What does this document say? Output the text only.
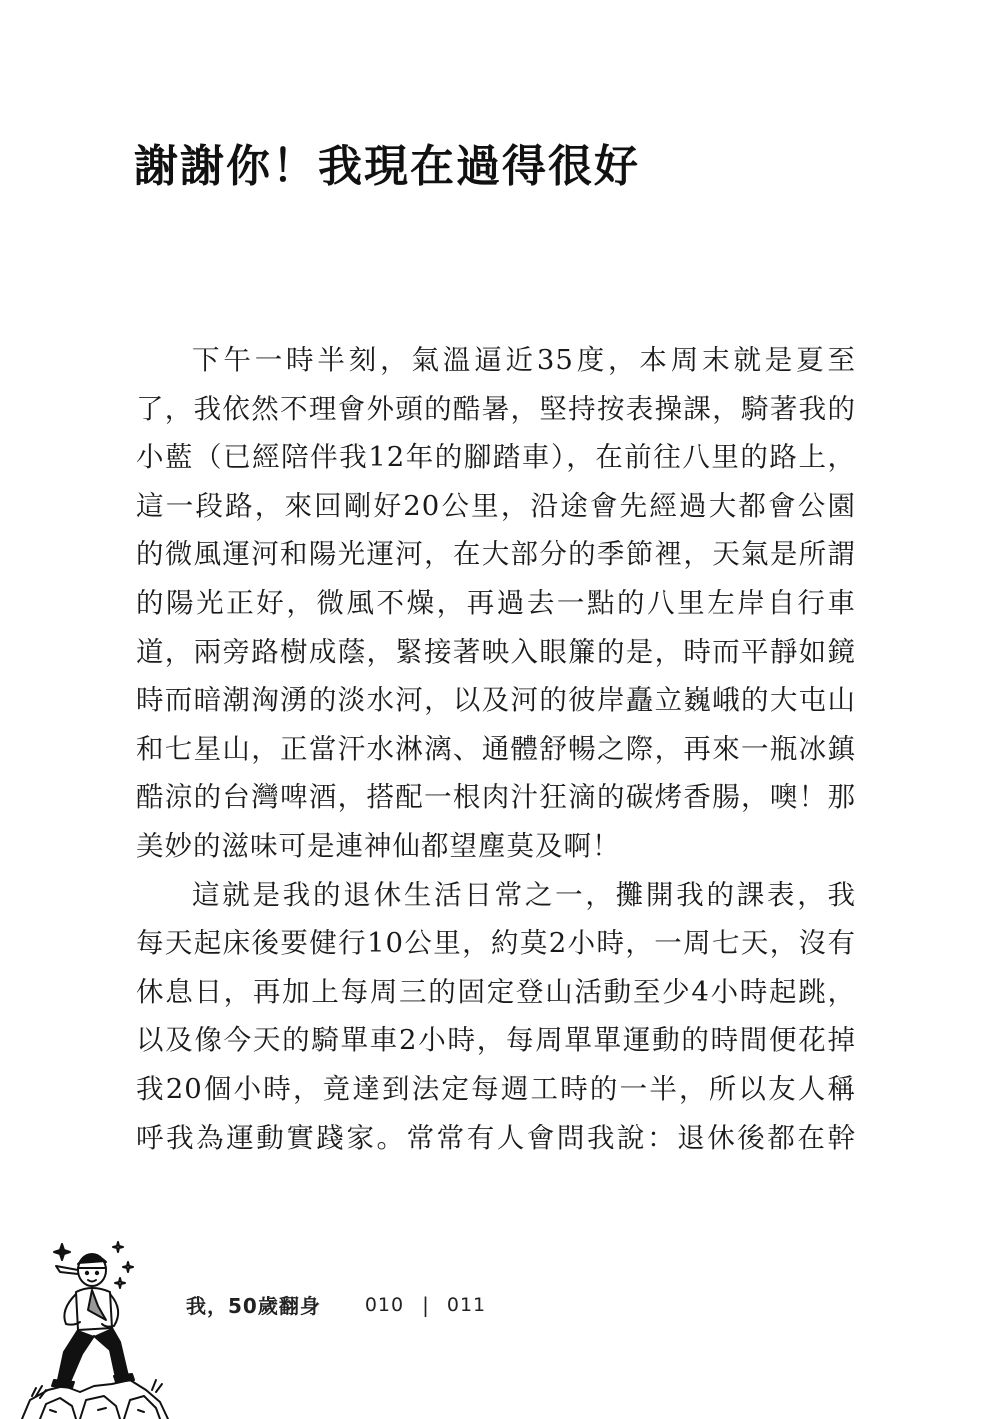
謝謝你！我現在過得很好
下午一時半刻，氣溫逼近35度，本周末就是夏至
了，我依然不理會外頭的酷暑，堅持按表操課，騎著我的
小藍（已經陪伴我12年的腳踏車），在前往八里的路上，
這一段路，來回剛好20公里，沿途會先經過大都會公園
的微風運河和陽光運河，在大部分的季節裡，天氣是所謂
的陽光正好，微風不燥，再過去一點的八里左岸自行車
道，兩旁路樹成蔭，緊接著映入眼簾的是，時而平靜如鏡
時而暗潮洶湧的淡水河，以及河的彼岸矗立巍峨的大屯山
和七星山，正當汗水淋漓、通體舒暢之際，再來一瓶冰鎮
酷涼的台灣啤酒，搭配一根肉汁狂滴的碳烤香腸，噢！那
美妙的滋味可是連神仙都望塵莫及啊！
這就是我的退休生活日常之一，攤開我的課表，我
每天起床後要健行10公里，約莫2小時，一周七天，沒有
休息日，再加上每周三的固定登山活動至少4小時起跳，
以及像今天的騎單車2小時，每周單單運動的時間便花掉
我20個小時，竟達到法定每週工時的一半，所以友人稱
呼我為運動實踐家。常常有人會問我說：退休後都在幹
我，50歲翻身 010 | 011
